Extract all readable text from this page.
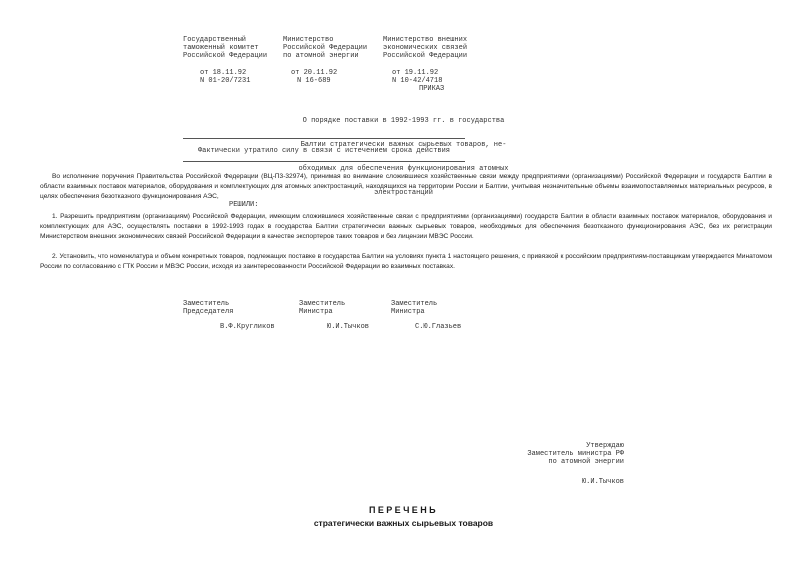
Государственный
таможенный комитет
Российской Федерации
Министерство
Российской Федерации
по атомной энергии
Министерство внешних
экономических связей
Российской Федерации
от 18.11.92
N 01-20/7231
от 20.11.92
N 16-689
от 19.11.92
N 10-42/4718
ПРИКАЗ

О порядке поставки в 1992-1993 гг. в государства

Балтии стратегически важных сырьевых товаров, не-

обходимых для обеспечения функционирования атомных

электростанций

Фактически утратило силу в связи с истечением срока действия

Во исполнение поручения Правительства Российской Федерации (ВЦ-П3-32974), принимая во внимание сложившиеся хозяйственные связи между предприятиями (организациями) Российской Федерации и государств Балтии в области взаимных поставок материалов, оборудования и комплектующих для атомных электростанций, находящихся на территории России и Балтии, учитывая незначительные объемы взаимопоставляемых материальных ресурсов, в целях обеспечения безотказного функционирования АЭС,

РЕШИЛИ:

1. Разрешить предприятиям (организациям) Российской Федерации, имеющим сложившиеся хозяйственные связи с предприятиями (организациями) государств Балтии в области взаимных поставок материалов, оборудования и комплектующих для АЭС, осуществлять поставки в 1992-1993 годах в государства Балтии стратегически важных сырьевых товаров, необходимых для обеспечения безотказного функционирования АЭС, без их регистрации Министерством внешних экономических связей Российской Федерации в качестве экспортеров таких товаров и без лицензии МВЭС России.

2. Установить, что номенклатура и объем конкретных товаров, подлежащих поставке в государства Балтии на условиях пункта 1 настоящего решения, с привязкой к российским предприятиям-поставщикам утверждается Минатомом России по согласованию с ГТК России и МВЭС России, исходя из заинтересованности Российской Федерации во взаимных поставках.

Заместитель
Председателя
В.Ф.Кругликов
Заместитель
Министра
Ю.И.Тычков
Заместитель
Министра
С.Ю.Глазьев
Утверждаю
Заместитель министра РФ
по атомной энергии
Ю.И.Тычков
ПЕРЕЧЕНЬ
стратегически важных сырьевых товаров
